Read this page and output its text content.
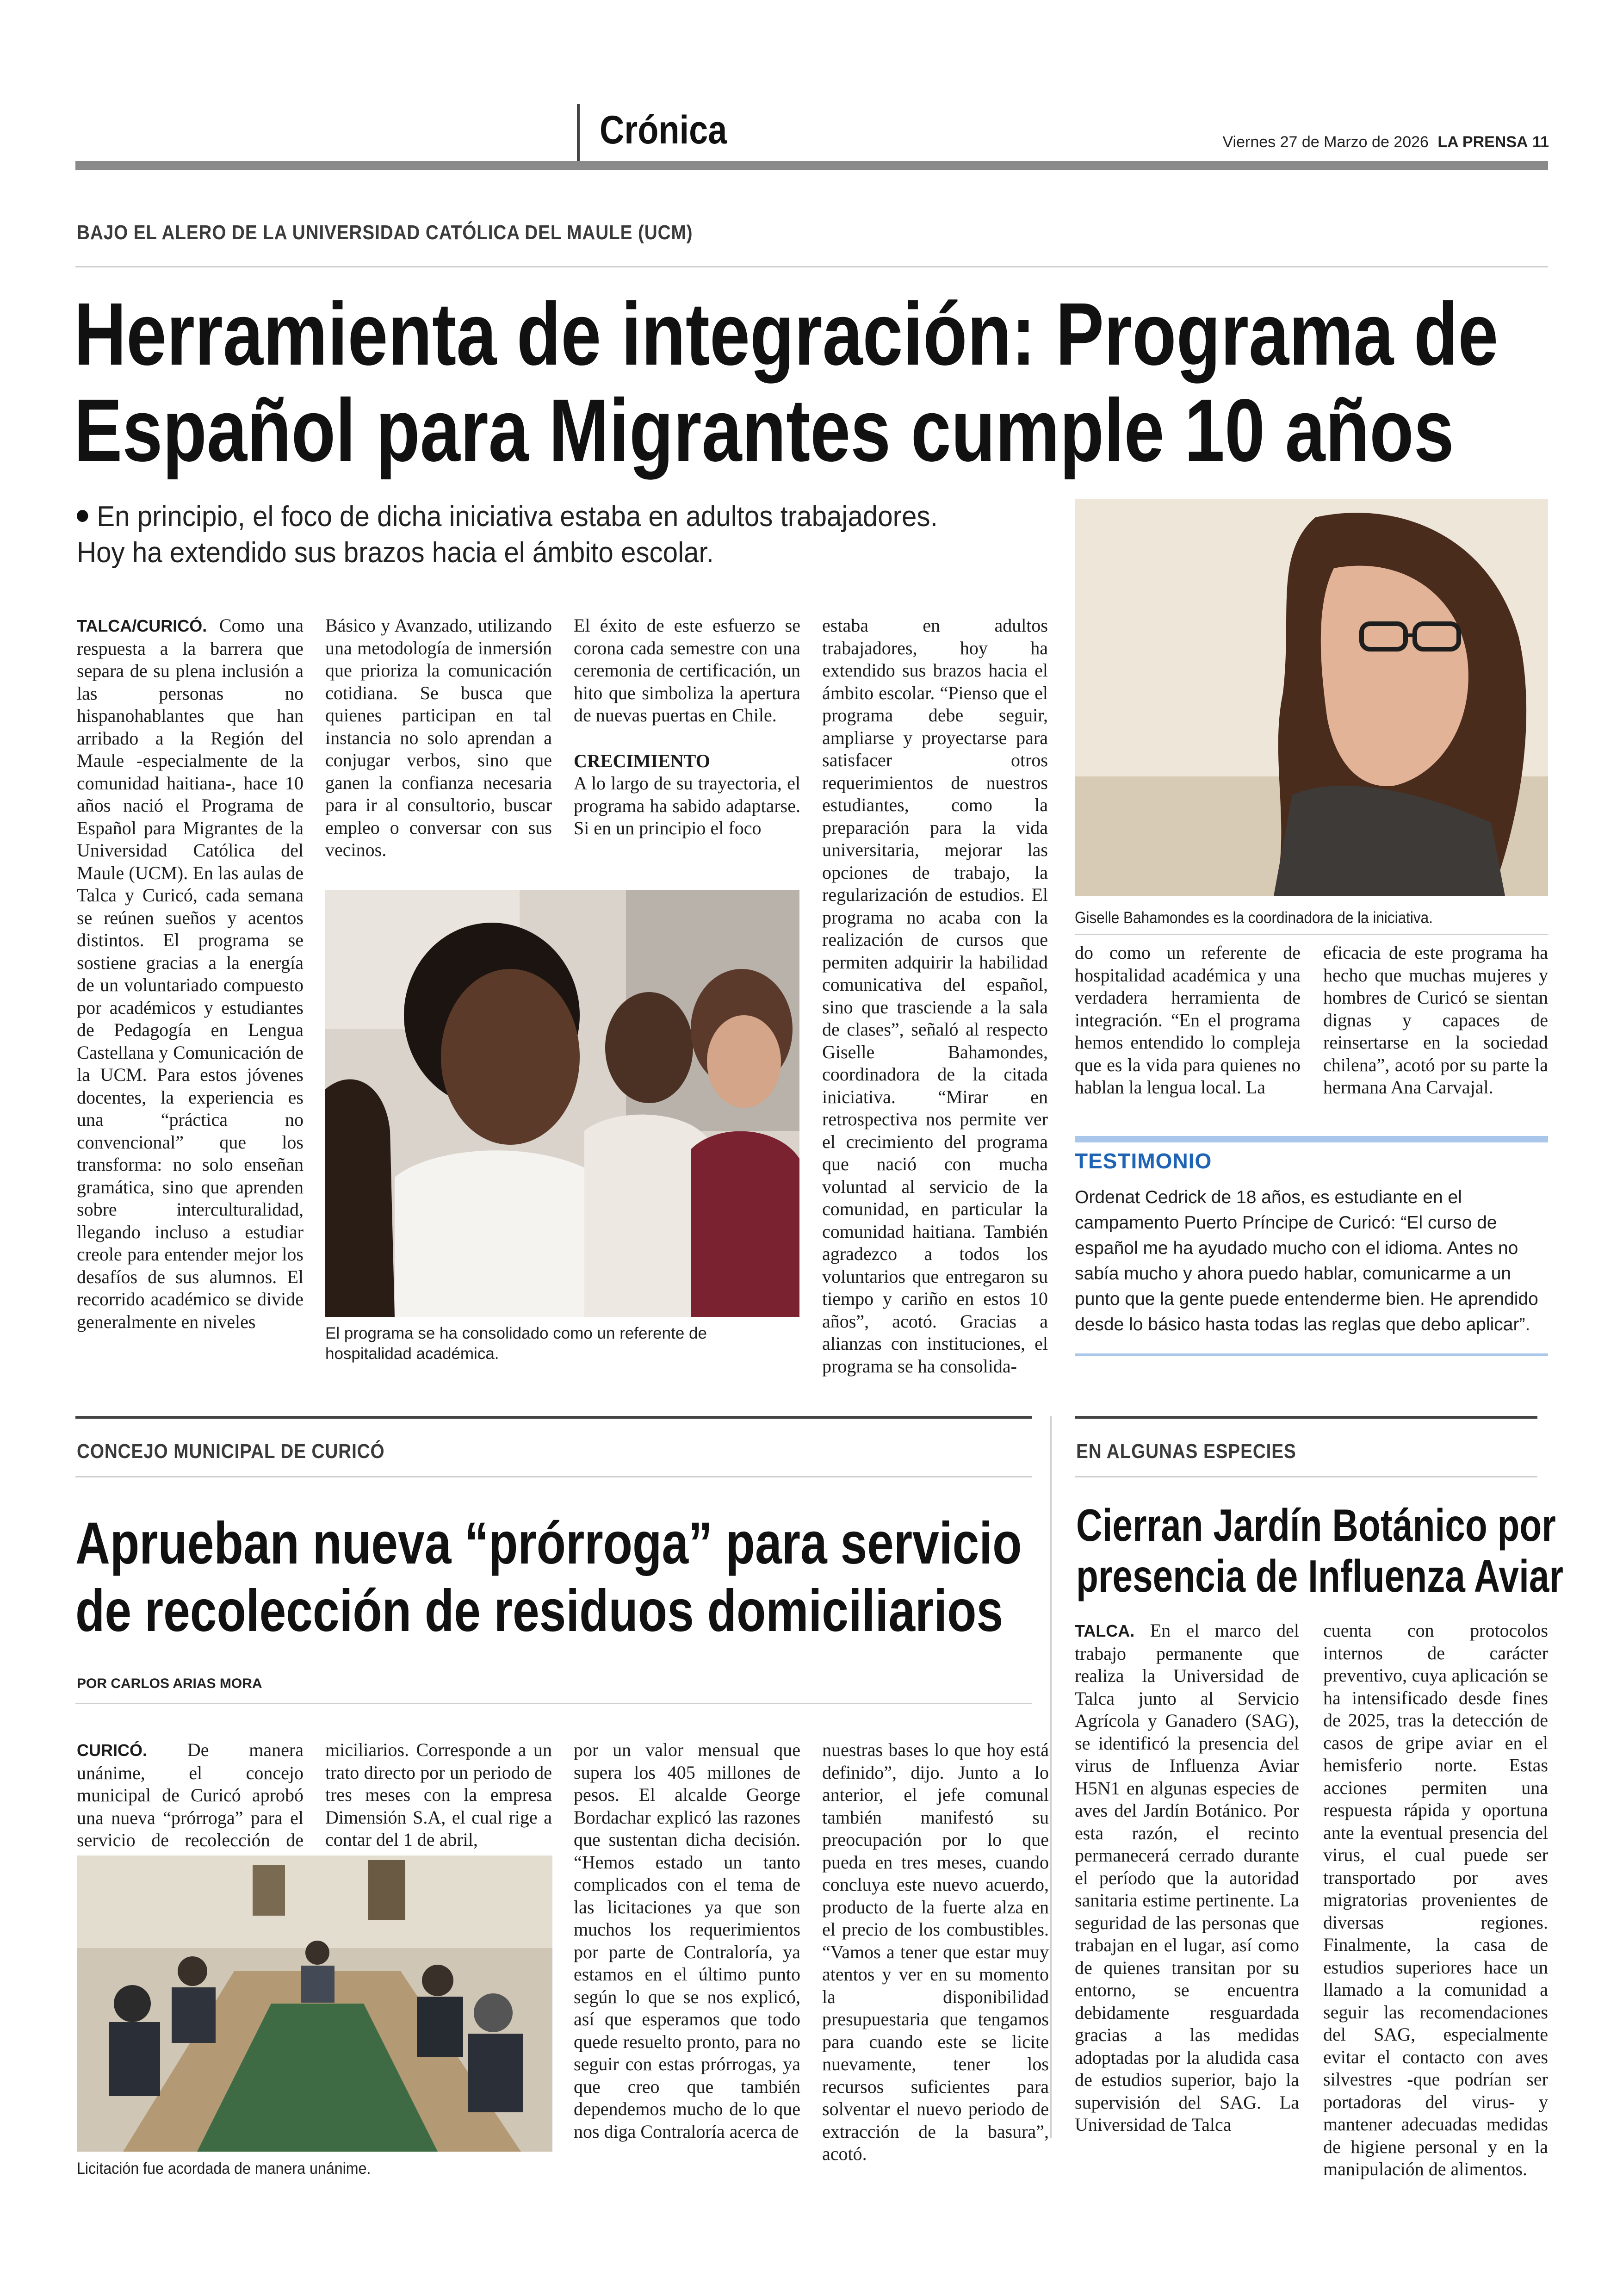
Crónica	Viernes 27 de Marzo de 2026 LA PRENSA 11
BAJO EL ALERO DE LA UNIVERSIDAD CATÓLICA DEL MAULE (UCM)
Herramienta de integración: Programa de
Español para Migrantes cumple 10 años
En principio, el foco de dicha iniciativa estaba en adultos trabajadores.
Hoy ha extendido sus brazos hacia el ámbito escolar.
Giselle Bahamondes es la coordinadora de la iniciativa.

TALCA/CURICÓ. Como una respuesta a la barrera que separa de su plena inclusión a las personas no hispanohablantes que han arribado a la Región del Maule -especialmente de la comunidad haitiana-, hace 10 años nació el Programa de Español para Migrantes de la Universidad Católica del Maule (UCM). En las aulas de Talca y Curicó, cada semana se reúnen sueños y acentos distintos. El programa se sostiene gracias a la energía de un voluntariado compuesto por académicos y estudiantes de Pedagogía en Lengua Castellana y Comunicación de la UCM. Para estos jóvenes docentes, la experiencia es una “práctica no convencional” que los transforma: no solo enseñan gramática, sino que aprenden sobre interculturalidad, llegando incluso a estudiar creole para entender mejor los desafíos de sus alumnos. El recorrido académico se divide generalmente en niveles

Básico y Avanzado, utilizando una metodología de inmersión que prioriza la comunicación cotidiana. Se busca que quienes participan en tal instancia no solo aprendan a conjugar verbos, sino que ganen la confianza necesaria para ir al consultorio, buscar empleo o conversar con sus vecinos.

El éxito de este esfuerzo se corona cada semestre con una ceremonia de certificación, un hito que simboliza la apertura de nuevas puertas en Chile.

CRECIMIENTO

A lo largo de su trayectoria, el programa ha sabido adaptarse. Si en un principio el foco

estaba en adultos trabajadores, hoy ha extendido sus brazos hacia el ámbito escolar. “Pienso que el programa debe seguir, ampliarse y proyectarse para satisfacer otros requerimientos de nuestros estudiantes, como la preparación para la vida universitaria, mejorar las opciones de trabajo, la regularización de estudios. El programa no acaba con la realización de cursos que permiten adquirir la habilidad comunicativa del español, sino que trasciende a la sala de clases”, señaló al respecto Giselle Bahamondes, coordinadora de la citada iniciativa. “Mirar en retrospectiva nos permite ver el crecimiento del programa que nació con mucha voluntad al servicio de la comunidad, en particular la comunidad haitiana. También agradezco a todos los voluntarios que entregaron su tiempo y cariño en estos 10 años”, acotó. Gracias a alianzas con instituciones, el programa se ha consolida-
El programa se ha consolidado como un referente de hospitalidad académica.
do como un referente de hospitalidad académica y una verdadera herramienta de integración. “En el programa hemos entendido lo compleja que es la vida para quienes no hablan la lengua local. La
eficacia de este programa ha hecho que muchas mujeres y hombres de Curicó se sientan dignas y capaces de reinsertarse en la sociedad chilena”, acotó por su parte la hermana Ana Carvajal.
TESTIMONIO
Ordenat Cedrick de 18 años, es estudiante en el campamento Puerto Príncipe de Curicó: “El curso de español me ha ayudado mucho con el idioma. Antes no sabía mucho y ahora puedo hablar, comunicarme a un punto que la gente puede entenderme bien. He aprendido desde lo básico hasta todas las reglas que debo aplicar”.
CONCEJO MUNICIPAL DE CURICÓ
Aprueban nueva “prórroga” para servicio
de recolección de residuos domiciliarios
POR CARLOS ARIAS MORA

CURICÓ. De manera unánime, el concejo municipal de Curicó aprobó una nueva “prórroga” para el servicio de recolección de

miciliarios. Corresponde a un trato directo por un periodo de tres meses con la empresa Dimensión S.A, el cual rige a contar del 1 de abril,
por un valor mensual que supera los 405 millones de pesos. El alcalde George Bordachar explicó las razones que sustentan dicha decisión. “Hemos estado un tanto complicados con el tema de las licitaciones ya que son muchos los requerimientos por parte de Contraloría, ya estamos en el último punto según lo que se nos explicó, así que esperamos que todo quede resuelto pronto, para no seguir con estas prórrogas, ya que creo que también dependemos mucho de lo que nos diga Contraloría acerca de
nuestras bases lo que hoy está definido”, dijo. Junto a lo anterior, el jefe comunal también manifestó su preocupación por lo que pueda en tres meses, cuando concluya este nuevo acuerdo, producto de la fuerte alza en el precio de los combustibles. “Vamos a tener que estar muy atentos y ver en su momento la disponibilidad presupuestaria que tengamos para cuando este se licite nuevamente, tener los recursos suficientes para solventar el nuevo periodo de extracción de la basura”, acotó.
Licitación fue acordada de manera unánime.
EN ALGUNAS ESPECIES
Cierran Jardín Botánico por
presencia de Influenza Aviar

TALCA. En el marco del trabajo permanente que realiza la Universidad de Talca junto al Servicio Agrícola y Ganadero (SAG), se identificó la presencia del virus de Influenza Aviar H5N1 en algunas especies de aves del Jardín Botánico. Por esta razón, el recinto permanecerá cerrado durante el período que la autoridad sanitaria estime pertinente. La seguridad de las personas que trabajan en el lugar, así como de quienes transitan por su entorno, se encuentra debidamente resguardada gracias a las medidas adoptadas por la aludida casa de estudios superior, bajo la supervisión del SAG. La Universidad de Talca

cuenta con protocolos internos de carácter preventivo, cuya aplicación se ha intensificado desde fines de 2025, tras la detección de casos de gripe aviar en el hemisferio norte. Estas acciones permiten una respuesta rápida y oportuna ante la eventual presencia del virus, el cual puede ser transportado por aves migratorias provenientes de diversas regiones. Finalmente, la casa de estudios superiores hace un llamado a la comunidad a seguir las recomendaciones del SAG, especialmente evitar el contacto con aves silvestres -que podrían ser portadoras del virus- y mantener adecuadas medidas de higiene personal y en la manipulación de alimentos.
